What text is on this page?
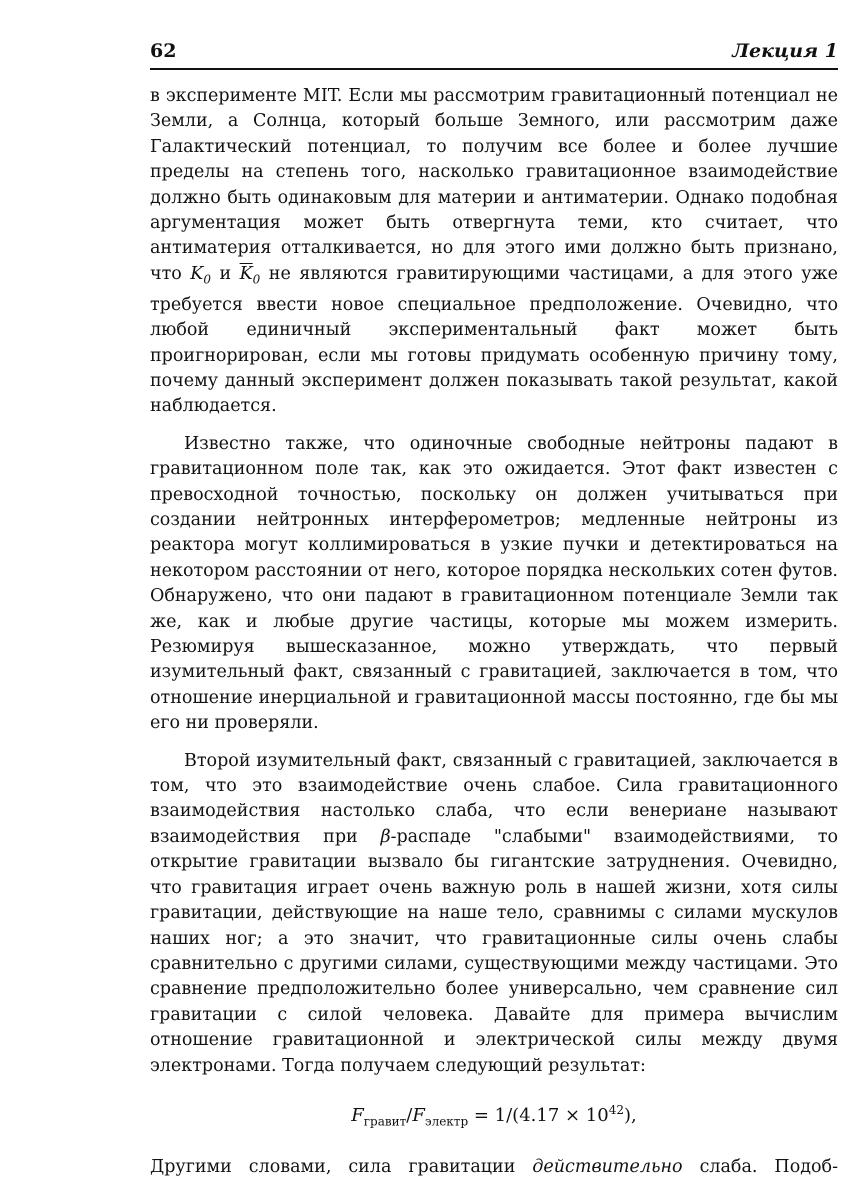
62	Лекция 1

в эксперименте MIT. Если мы рассмотрим гравитационный потенциал не Земли, а Солнца, который больше Земного, или рассмотрим даже Галактический потенциал, то получим все более и более лучшие пределы на степень того, насколько гравитационное взаимодействие должно быть одинаковым для материи и антиматерии. Однако подобная аргументация может быть отвергнута теми, кто считает, что антиматерия отталкивается, но для этого ими должно быть признано, что $K_0$ и $\overline{K}_0$ не являются гравитирующими частицами, а для этого уже требуется ввести новое специальное предположение. Очевидно, что любой единичный экспериментальный факт может быть проигнорирован, если мы готовы придумать особенную причину тому, почему данный эксперимент должен показывать такой результат, какой наблюдается.

Известно также, что одиночные свободные нейтроны падают в гравитационном поле так, как это ожидается. Этот факт известен с превосходной точностью, поскольку он должен учитываться при создании нейтронных интерферометров; медленные нейтроны из реактора могут коллимироваться в узкие пучки и детектироваться на некотором расстоянии от него, которое порядка нескольких сотен футов. Обнаружено, что они падают в гравитационном потенциале Земли так же, как и любые другие частицы, которые мы можем измерить. Резюмируя вышесказанное, можно утверждать, что первый изумительный факт, связанный с гравитацией, заключается в том, что отношение инерциальной и гравитационной массы постоянно, где бы мы его ни проверяли.

Второй изумительный факт, связанный с гравитацией, заключается в том, что это взаимодействие очень слабое. Сила гравитационного взаимодействия настолько слаба, что если венериане называют взаимодействия при β-распаде "слабыми" взаимодействиями, то открытие гравитации вызвало бы гигантские затруднения. Очевидно, что гравитация играет очень важную роль в нашей жизни, хотя силы гравитации, действующие на наше тело, сравнимы с силами мускулов наших ног; а это значит, что гравитационные силы очень слабы сравнительно с другими силами, существующими между частицами. Это сравнение предположительно более универсально, чем сравнение сил гравитации с силой человека. Давайте для примера вычислим отношение гравитационной и электрической силы между двумя электронами. Тогда получаем следующий результат:

$F_{гравит}/F_{электр} = 1/(4.17 \times 10^{42})$,

Другими словами, сила гравитации действительно слаба. Подоб-
